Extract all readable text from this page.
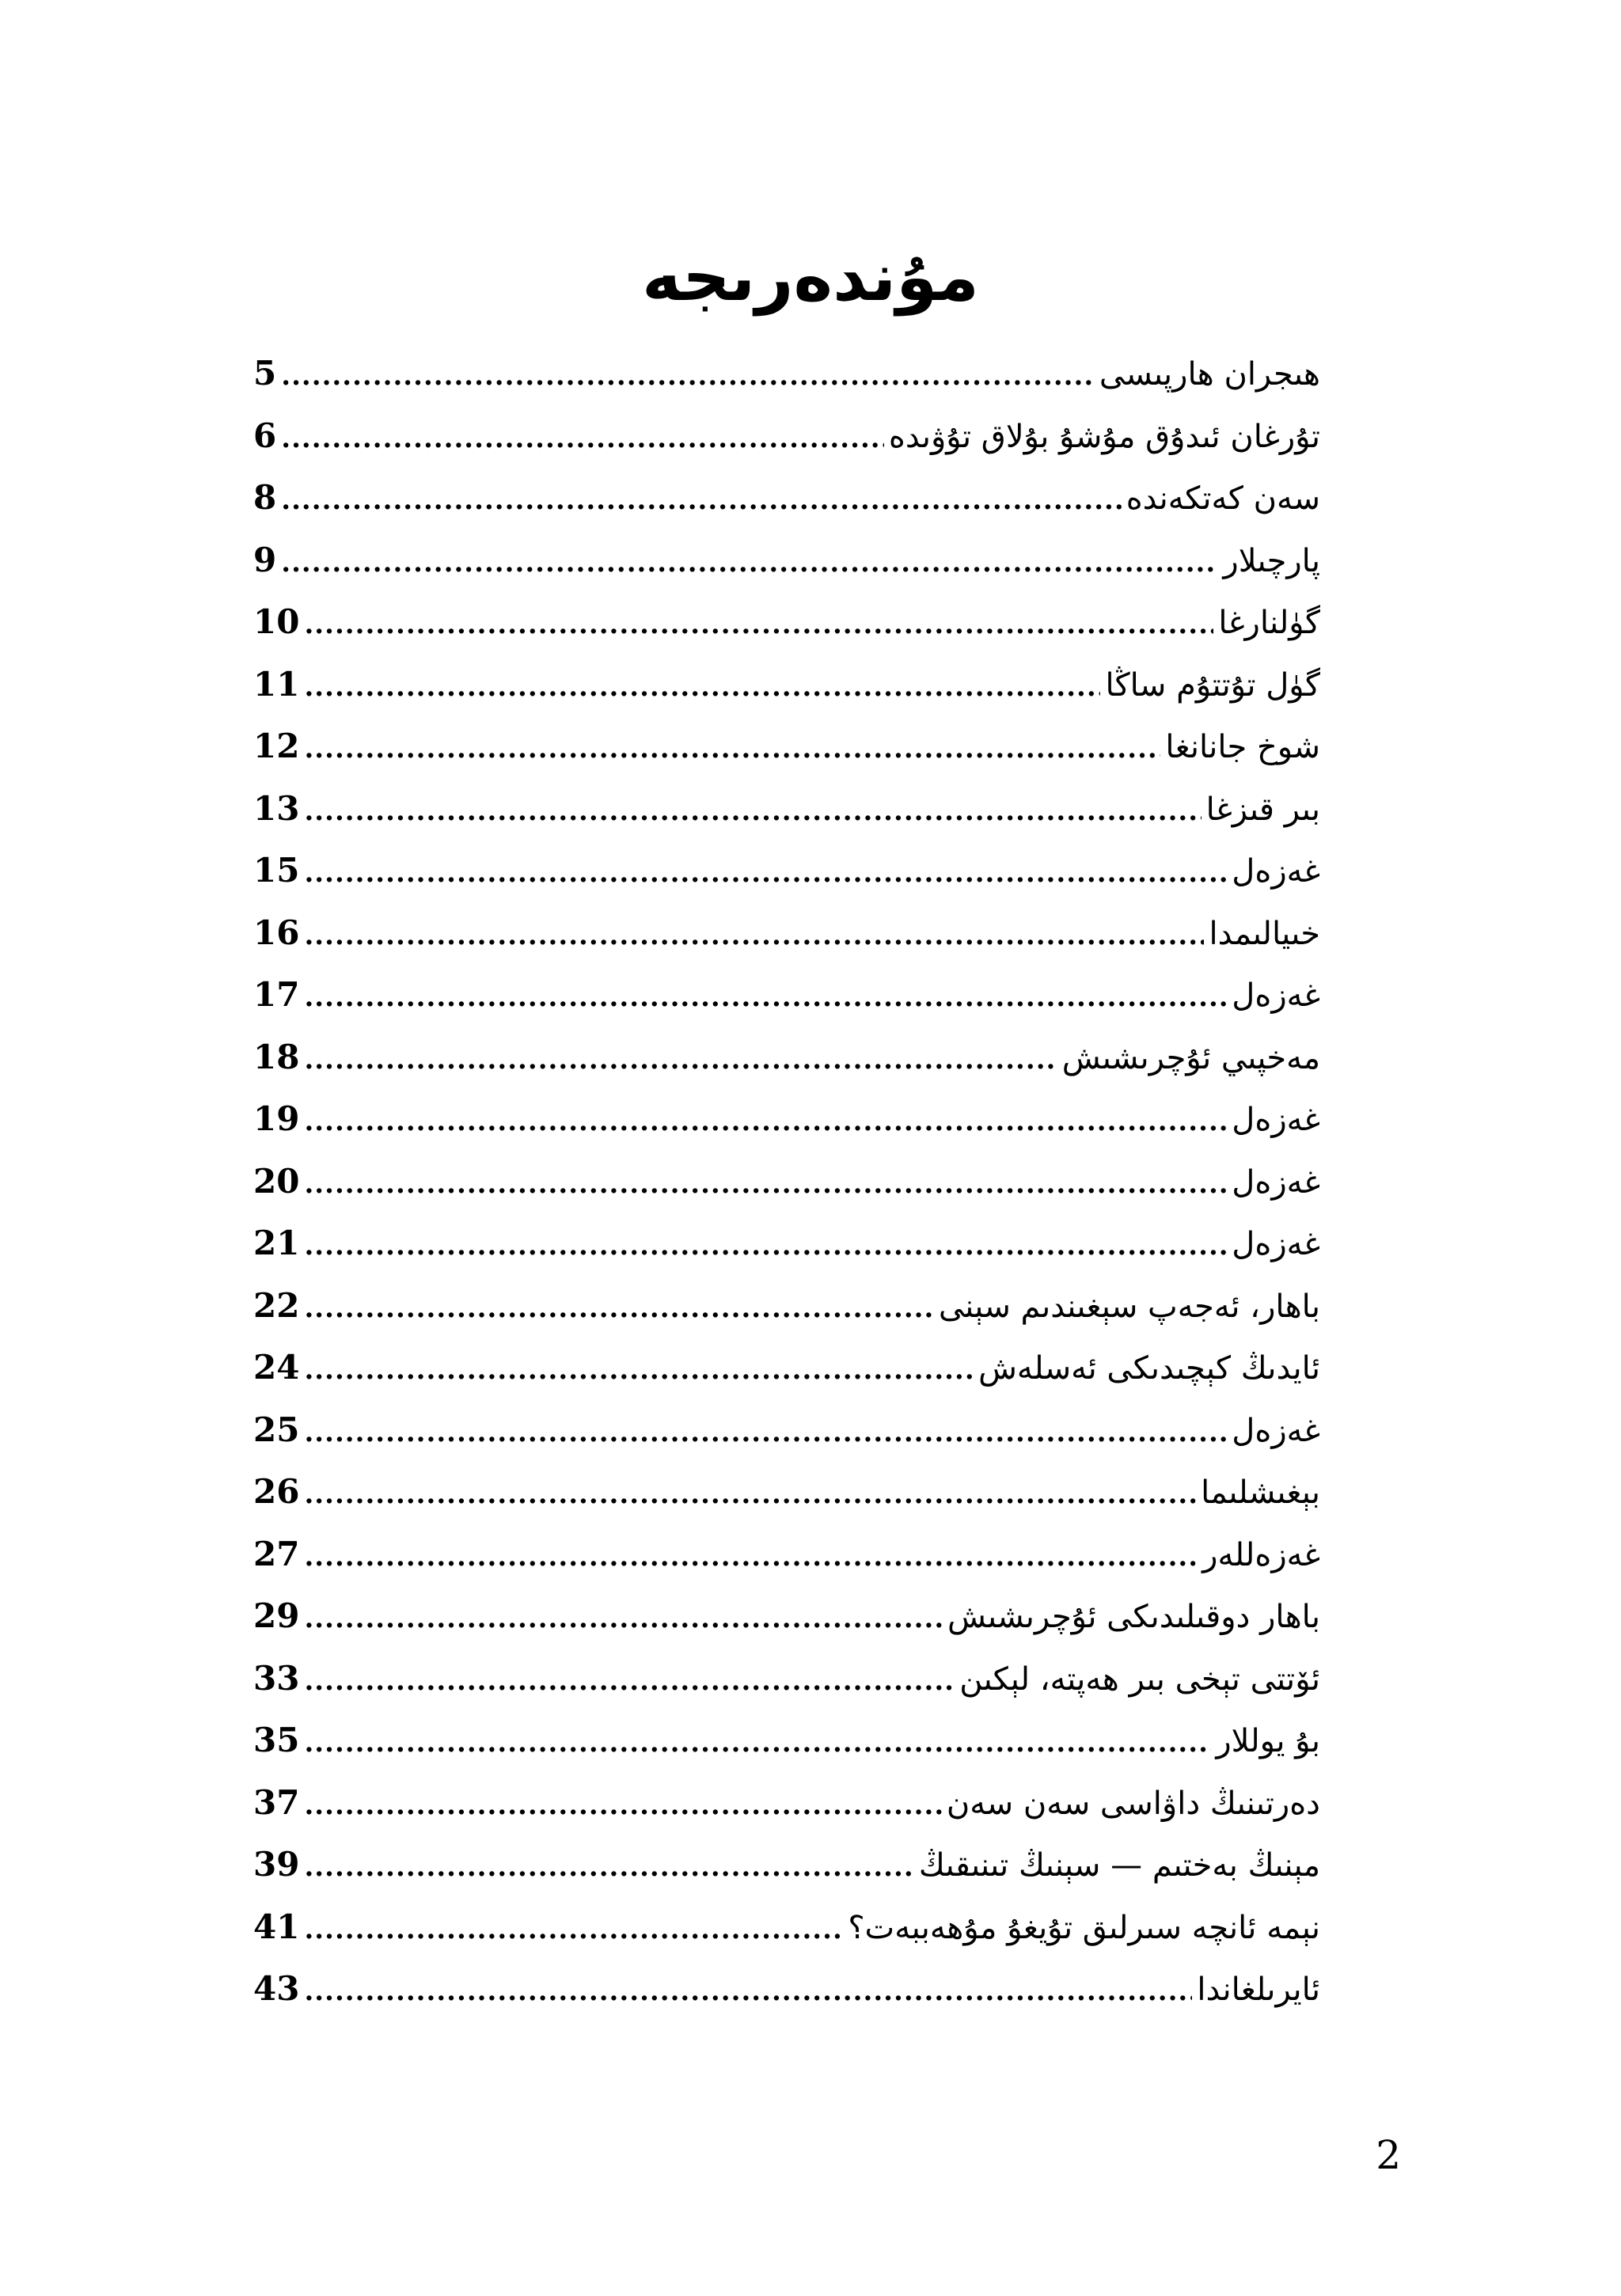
مۇندەرىجە
5 .....	ھىجران ھارپىسى
6 .....	تۇرغان ئىدۇق مۇشۇ بۇلاق تۇۋىدە
8 .....	سەن كەتكەندە
9 .....	پارچىلار
10 .....	گۈلنارغا
11 .....	گۈل تۇتتۇم ساڭا
12 .....	شوخ جانانغا
13 .....	بىر قىزغا
15 .....	غەزەل
16 .....	خىيالىمدا
17 .....	غەزەل
18 .....	مەخپىي ئۇچرىشىش
19 .....	غەزەل
20 .....	غەزەل
21 .....	غەزەل
22 .....	باھار، ئەجەپ سېغىندىم سېنى
24 .....	ئايدىڭ كېچىدىكى ئەسلەش
25 .....	غەزەل
26 .....	بېغىشلىما
27 .....	غەزەللەر
29 .....	باھار دوقىلىدىكى ئۇچرىشىش
33 .....	ئۆتتى تېخى بىر ھەپتە، لېكىن
35 .....	بۇ يوللار
37 .....	دەرتىنىڭ داۋاسى سەن سەن
39 .....	مېنىڭ بەختىم — سېنىڭ تىنىقىڭ
41 .....	نېمە ئانچە سىرلىق تۇيغۇ مۇھەببەت؟
43 .....	ئايرىلغاندا
2
